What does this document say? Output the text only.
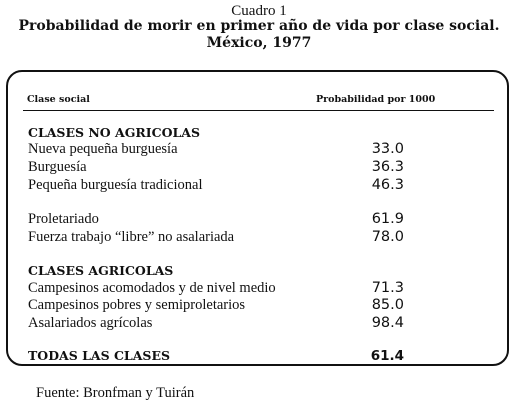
Cuadro 1
Probabilidad de morir en primer año de vida por clase social.
México, 1977
Clase social	Probabilidad por 1000
CLASES NO AGRICOLAS
Nueva pequeña burguesía	33.0
Burguesía	36.3
Pequeña burguesía tradicional	46.3
Proletariado	61.9
Fuerza trabajo “libre” no asalariada	78.0
CLASES AGRICOLAS
Campesinos acomodados y de nivel medio	71.3
Campesinos pobres y semiproletarios	85.0
Asalariados agrícolas	98.4
TODAS LAS CLASES	61.4
Fuente: Bronfman y Tuirán
